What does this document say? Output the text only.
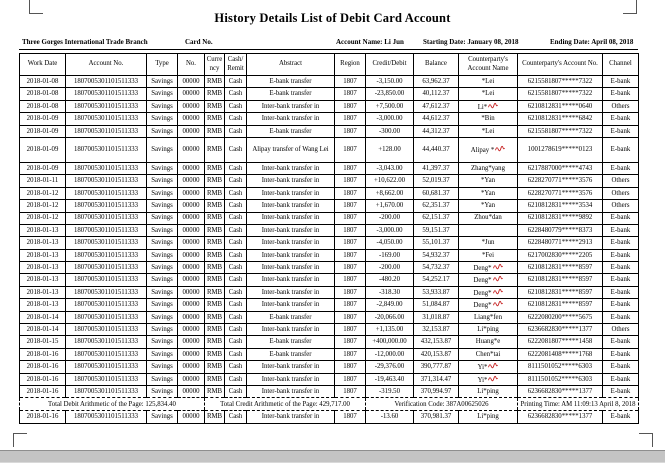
History Details List of Debit Card Account
Three Gorges International Trade Branch	Card No.	Account Name: Li Jun	Starting Date: January 08, 2018	Ending Date: April 08, 2018
Work Date	Account No.	Type	No.	Currency	Cash/Remit	Abstract	Region	Credit/Debit	Balance	Counterparty's Account Name	Counterparty's Account No.	Channel
2018-01-08	1807005301101511333	Savings	00000	RMB	Cash	E-bank transfer	1807	-3,150.00	63,962.37	*Lei	6215581807*****7322	E-bank ¶
2018-01-08	1807005301101511333	Savings	00000	RMB	Cash	E-bank transfer	1807	-23,850.00	40,112.37	*Lei	6215581807*****7322	E-bank ¶
2018-01-08	1807005301101511333	Savings	00000	RMB	Cash	Inter-bank transfer in	1807	+7,500.00	47,612.37	Li*	6210812831*****0640	Others ¶
2018-01-09	1807005301101511333	Savings	00000	RMB	Cash	Inter-bank transfer in	1807	-3,000.00	44,612.37	*Bin	6210812831*****6842	E-bank ¶
2018-01-09	1807005301101511333	Savings	00000	RMB	Cash	E-bank transfer	1807	-300.00	44,312.37	*Lei	6215581807*****7322	E-bank ¶
2018-01-09	1807005301101511333	Savings	00000	RMB	Cash	Alipay transfer of Wang Lei	1807	+128.00	44,440.37	Alipay *	1001278619*****0123	E-bank ¶
2018-01-09	1807005301101511333	Savings	00000	RMB	Cash	Inter-bank transfer in	1807	-3,043.00	41,397.37	Zhang*yang	6217887000*****4743	E-bank ¶
2018-01-11	1807005301101511333	Savings	00000	RMB	Cash	Inter-bank transfer in	1807	+10,622.00	52,019.37	*Yan	6228270771*****3576	Others ¶
2018-01-12	1807005301101511333	Savings	00000	RMB	Cash	Inter-bank transfer in	1807	+8,662.00	60,681.37	*Yan	6228270771*****3576	Others ¶
2018-01-12	1807005301101511333	Savings	00000	RMB	Cash	Inter-bank transfer in	1807	+1,670.00	62,351.37	*Yan	6210812831*****3534	Others ¶
2018-01-12	1807005301101511333	Savings	00000	RMB	Cash	Inter-bank transfer in	1807	-200.00	62,151.37	Zhou*dan	6210812831*****9892	E-bank ¶
2018-01-13	1807005301101511333	Savings	00000	RMB	Cash	Inter-bank transfer in	1807	-3,000.00	59,151.37		6228480779*****8373	E-bank ¶
2018-01-13	1807005301101511333	Savings	00000	RMB	Cash	Inter-bank transfer in	1807	-4,050.00	55,101.37	*Jun	6228480771*****2913	E-bank ¶
2018-01-13	1807005301101511333	Savings	00000	RMB	Cash	Inter-bank transfer in	1807	-169.00	54,932.37	*Fei	6217002830*****2205	E-bank ¶
2018-01-13	1807005301101511333	Savings	00000	RMB	Cash	Inter-bank transfer in	1807	-200.00	54,732.37	Deng*	6210812831*****8597	E-bank ¶
2018-01-13	1807005301101511333	Savings	00000	RMB	Cash	Inter-bank transfer in	1807	-480.20	54,252.17	Deng*	6210812831*****8597	E-bank ¶
2018-01-13	1807005301101511333	Savings	00000	RMB	Cash	Inter-bank transfer in	1807	-318.30	53,933.87	Deng*	6210812831*****8597	E-bank ¶
2018-01-13	1807005301101511333	Savings	00000	RMB	Cash	Inter-bank transfer in	1807	-2,849.00	51,084.87	Deng*	6210812831*****8597	E-bank ¶
2018-01-14	1807005301101511333	Savings	00000	RMB	Cash	E-bank transfer	1807	-20,066.00	31,018.87	Liang*fen	6222080200*****5675	E-bank ¶
2018-01-14	1807005301101511333	Savings	00000	RMB	Cash	Inter-bank transfer in	1807	+1,135.00	32,153.87	Li*ping	6236682830*****1377	Others ¶
2018-01-15	1807005301101511333	Savings	00000	RMB	Cash	E-bank transfer	1807	+400,000.00	432,153.87	Huang*e	6222081807*****1458	E-bank ¶
2018-01-16	1807005301101511333	Savings	00000	RMB	Cash	E-bank transfer	1807	-12,000.00	420,153.87	Chen*tai	6222081408*****1768	E-bank ¶
2018-01-16	1807005301101511333	Savings	00000	RMB	Cash	Inter-bank transfer in	1807	-29,376.00	390,777.87	Yi*	8111501052*****6303	E-bank ¶
2018-01-16	1807005301101511333	Savings	00000	RMB	Cash	Inter-bank transfer in	1807	-19,463.40	371,314.47	Yi*	8111501052*****6303	E-bank ¶
2018-01-16	1807005301101511333	Savings	00000	RMB	Cash	Inter-bank transfer in	1807	-319.50	370,994.97	Li*ping	6236682830*****1377	E-bank ¶
Total Debit Arithmetic of the Page: 125,834.40				Total Credit Arithmetic of the Page: 429,717.00				Verification Code: 387A00625026			Printing Time: AM 11:09:13 April 8, 2018 ¶
2018-01-16	1807005301101511333	Savings	00000	RMB	Cash	Inter-bank transfer in	1807	-13.60	370,981.37	Li*ping	6236682830*****1377	E-bank ¶
